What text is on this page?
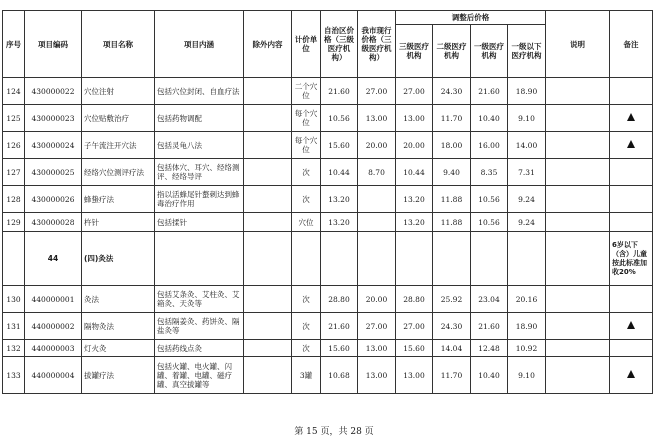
序号	项目编码	项目名称	项目内涵	除外内容	计价单位	自治区价格（三级医疗机构）	我市现行价格（三级医疗机构）	调整后价格				说明	备注
								三级医疗机构	二级医疗机构	一级医疗机构	一级以下医疗机构		
124	430000022	穴位注射	包括穴位封闭、自血疗法		二个穴位	21.60	27.00	27.00	24.30	21.60	18.90		
125	430000023	穴位贴敷治疗	包括药物调配		每个穴位	10.56	13.00	13.00	11.70	10.40	9.10		
126	430000024	子午流注开穴法	包括灵龟八法		每个穴位	15.60	20.00	20.00	18.00	16.00	14.00		
127	430000025	经络穴位测评疗法	包括体穴、耳穴、经络测评、经络导评		次	10.44	8.70	10.44	9.40	8.35	7.31		
128	430000026	蜂蛰疗法	指以活蜂尾针螯刺达到蜂毒治疗作用		次	13.20		13.20	11.88	10.56	9.24		
129	430000028	杵针	包括揉针		穴位	13.20		13.20	11.88	10.56	9.24		
	44	(四)灸法											6岁以下（含）儿童按此标准加收20%
130	440000001	灸法	包括艾条灸、艾柱灸、艾箱灸、天灸等		次	28.80	20.00	28.80	25.92	23.04	20.16		
131	440000002	隔物灸法	包括隔姜灸、药饼灸、隔盐灸等		次	21.60	27.00	27.00	24.30	21.60	18.90		
132	440000003	灯火灸	包括药线点灸		次	15.60	13.00	15.60	14.04	12.48	10.92		
133	440000004	拔罐疗法	包括火罐、电火罐、闪罐、着罐、电罐、磁疗罐、真空拔罐等		3罐	10.68	13.00	13.00	11.70	10.40	9.10		
第 15 页，共 28 页
